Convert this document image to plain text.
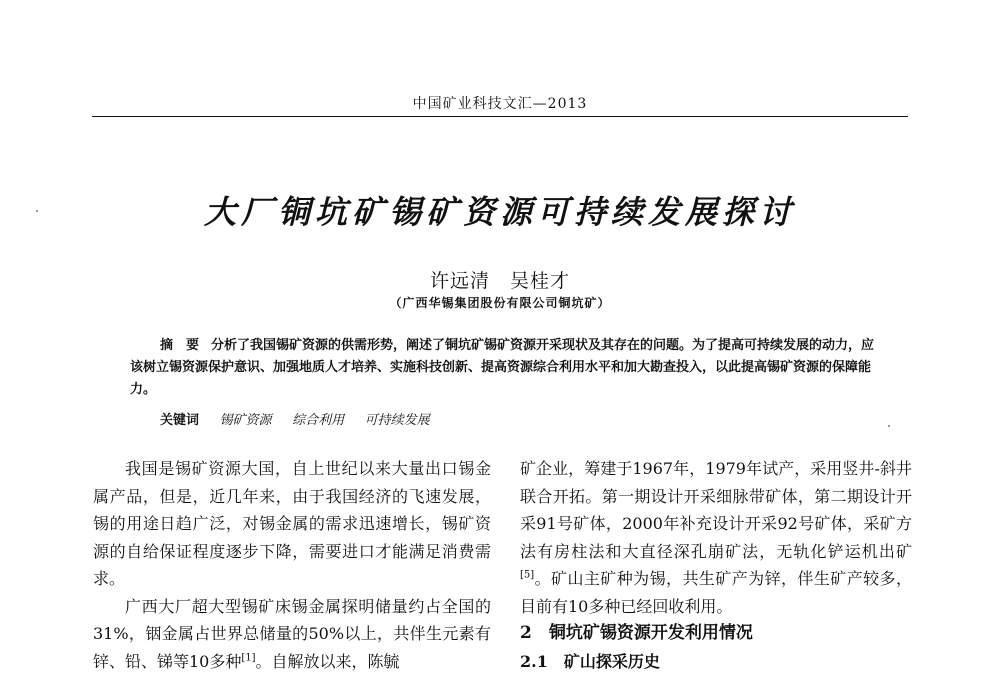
中国矿业科技文汇—2013
大厂铜坑矿锡矿资源可持续发展探讨
许远清　吴桂才
（广西华锡集团股份有限公司铜坑矿）
摘　要 分析了我国锡矿资源的供需形势，阐述了铜坑矿锡矿资源开采现状及其存在的问题。为了提高可持续发展的动力，应该树立锡资源保护意识、加强地质人才培养、实施科技创新、提高资源综合利用水平和加大勘查投入，以此提高锡矿资源的保障能力。
关键词 锡矿资源 综合利用 可持续发展

我国是锡矿资源大国，自上世纪以来大量出口锡金属产品，但是，近几年来，由于我国经济的飞速发展，锡的用途日趋广泛，对锡金属的需求迅速增长，锡矿资源的自给保证程度逐步下降，需要进口才能满足消费需求。

广西大厂超大型锡矿床锡金属探明储量约占全国的31%，铟金属占世界总储量的50%以上，共伴生元素有锌、铅、锑等10多种[1]。自解放以来，陈毓

矿企业，筹建于1967年，1979年试产，采用竖井-斜井联合开拓。第一期设计开采细脉带矿体，第二期设计开采91号矿体，2000年补充设计开采92号矿体，采矿方法有房柱法和大直径深孔崩矿法，无轨化铲运机出矿[5]。矿山主矿种为锡，共生矿产为锌，伴生矿产较多，目前有10多种已经回收利用。

2　铜坑矿锡资源开发利用情况

2.1　矿山探采历史
